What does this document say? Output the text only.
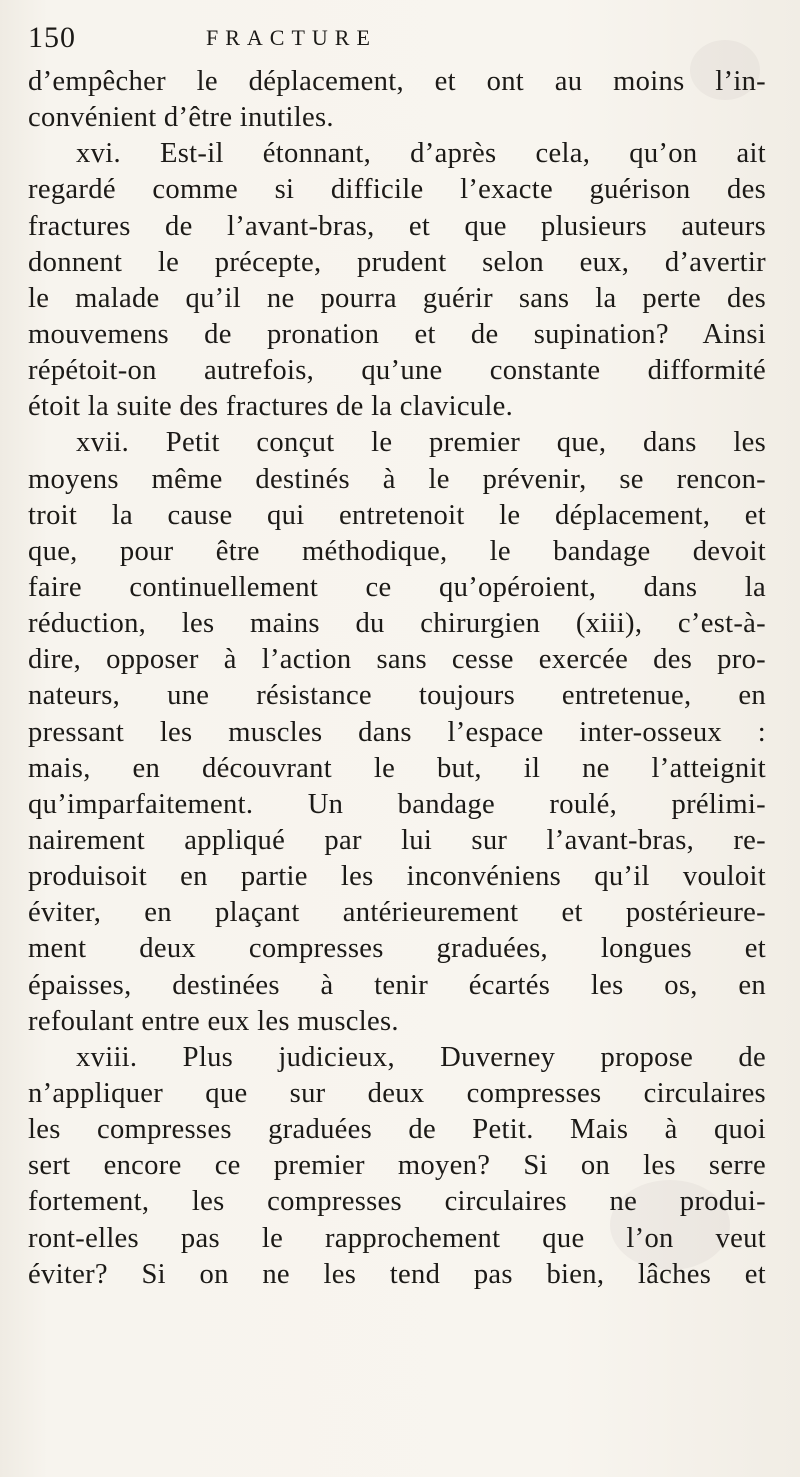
150	FRACTURE
d’empêcher le déplacement, et ont au moins l’in-
convénient d’être inutiles.
xvi. Est-il étonnant, d’après cela, qu’on ait
regardé comme si difficile l’exacte guérison des
fractures de l’avant-bras, et que plusieurs auteurs
donnent le précepte, prudent selon eux, d’avertir
le malade qu’il ne pourra guérir sans la perte des
mouvemens de pronation et de supination? Ainsi
répétoit-on autrefois, qu’une constante difformité
étoit la suite des fractures de la clavicule.
xvii. Petit conçut le premier que, dans les
moyens même destinés à le prévenir, se rencon-
troit la cause qui entretenoit le déplacement, et
que, pour être méthodique, le bandage devoit
faire continuellement ce qu’opéroient, dans la
réduction, les mains du chirurgien (xiii), c’est-à-
dire, opposer à l’action sans cesse exercée des pro-
nateurs, une résistance toujours entretenue, en
pressant les muscles dans l’espace inter-osseux :
mais, en découvrant le but, il ne l’atteignit
qu’imparfaitement. Un bandage roulé, prélimi-
nairement appliqué par lui sur l’avant-bras, re-
produisoit en partie les inconvéniens qu’il vouloit
éviter, en plaçant antérieurement et postérieure-
ment deux compresses graduées, longues et
épaisses, destinées à tenir écartés les os, en
refoulant entre eux les muscles.
xviii. Plus judicieux, Duverney propose de
n’appliquer que sur deux compresses circulaires
les compresses graduées de Petit. Mais à quoi
sert encore ce premier moyen? Si on les serre
fortement, les compresses circulaires ne produi-
ront-elles pas le rapprochement que l’on veut
éviter? Si on ne les tend pas bien, lâches et
